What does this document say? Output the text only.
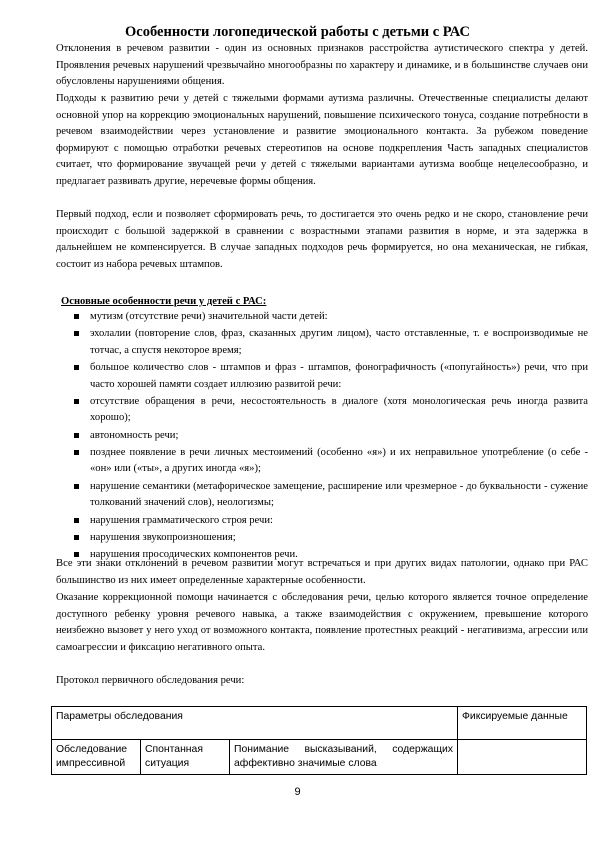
Особенности логопедической работы с детьми с РАС

Отклонения в речевом развитии - один из основных признаков расстройства аутистического спектра у детей. Проявления речевых нарушений чрезвычайно многообразны по характеру и динамике, и в большинстве случаев они обусловлены нарушениями общения.

Подходы к развитию речи у детей с тяжелыми формами аутизма различны. Отечественные специалисты делают основной упор на коррекцию эмоциональных нарушений, повышение психического тонуса, создание потребности в речевом взаимодействии через установление и развитие эмоционального контакта. За рубежом поведение формируют с помощью отработки речевых стереотипов на основе подкрепления Часть западных специалистов считает, что формирование звучащей речи у детей с тяжелыми вариантами аутизма вообще нецелесообразно, и предлагает развивать другие, неречевые формы общения.

Первый подход, если и позволяет сформировать речь, то достигается это очень редко и не скоро, становление речи происходит с большой задержкой в сравнении с возрастными этапами развития в норме, и эта задержка в дальнейшем не компенсируется. В случае западных подходов речь формируется, но она механическая, не гибкая, состоит из набора речевых штампов.

Основные особенности речи у детей с РАС:

мутизм (отсутствие речи) значительной части детей:
эхолалии (повторение слов, фраз, сказанных другим лицом), часто отставленные, т. е воспроизводимые не тотчас, а спустя некоторое время;
большое количество слов - штампов и фраз - штампов, фонографичность («попугайность») речи, что при часто хорошей памяти создает иллюзию развитой речи:
отсутствие обращения в речи, несостоятельность в диалоге (хотя монологическая речь иногда развита хорошо);
автономность речи;
позднее появление в речи личных местоимений (особенно «я») и их неправильное употребление (о себе - «он» или («ты», а других иногда «я»);
нарушение семантики (метафорическое замещение, расширение или чрезмерное - до буквальности - сужение толкований значений слов), неологизмы;
нарушения грамматического строя речи:
нарушения звукопроизношения;
нарушения просодических компонентов речи.

Все эти знаки отклонений в речевом развитии могут встречаться и при других видах патологии, однако при РАС большинство из них имеет определенные характерные особенности.

Оказание коррекционной помощи начинается с обследования речи, целью которого является точное определение доступного ребенку уровня речевого навыка, а также взаимодействия с окружением, превышение которого неизбежно вызовет у него уход от возможного контакта, появление протестных реакций - негативизма, агрессии или самоагрессии и фиксацию негативного опыта.

Протокол первичного обследования речи:

Параметры обследования			Фиксируемые данные
Обследование импрессивной	Спонтанная ситуация	Понимание высказываний, содержащих аффективно значимые слова	
9
